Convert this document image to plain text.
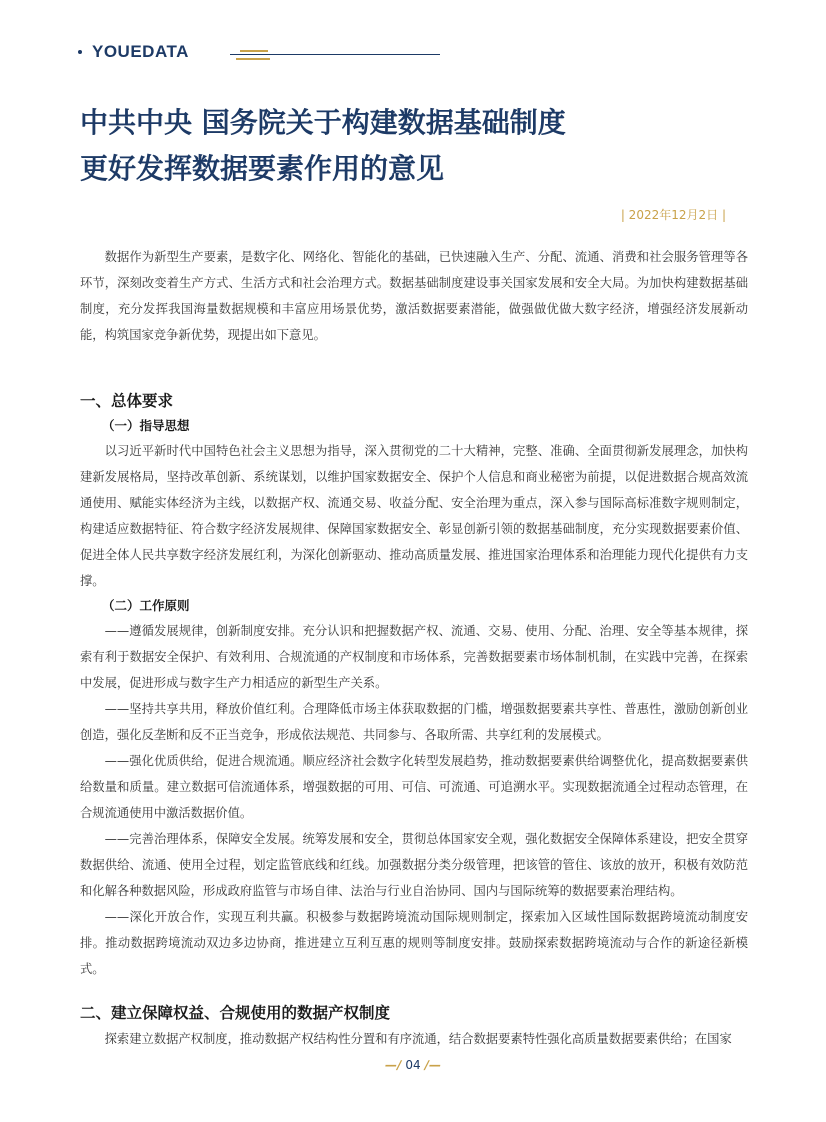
YOUEDATA
中共中央 国务院关于构建数据基础制度
更好发挥数据要素作用的意见
| 2022年12月2日 |

数据作为新型生产要素，是数字化、网络化、智能化的基础，已快速融入生产、分配、流通、消费和社会服务管理等各环节，深刻改变着生产方式、生活方式和社会治理方式。数据基础制度建设事关国家发展和安全大局。为加快构建数据基础制度，充分发挥我国海量数据规模和丰富应用场景优势，激活数据要素潜能，做强做优做大数字经济，增强经济发展新动能，构筑国家竞争新优势，现提出如下意见。

一、总体要求
（一）指导思想

以习近平新时代中国特色社会主义思想为指导，深入贯彻党的二十大精神，完整、准确、全面贯彻新发展理念，加快构建新发展格局，坚持改革创新、系统谋划，以维护国家数据安全、保护个人信息和商业秘密为前提，以促进数据合规高效流通使用、赋能实体经济为主线，以数据产权、流通交易、收益分配、安全治理为重点，深入参与国际高标准数字规则制定，构建适应数据特征、符合数字经济发展规律、保障国家数据安全、彰显创新引领的数据基础制度，充分实现数据要素价值、促进全体人民共享数字经济发展红利，为深化创新驱动、推动高质量发展、推进国家治理体系和治理能力现代化提供有力支撑。

（二）工作原则

——遵循发展规律，创新制度安排。充分认识和把握数据产权、流通、交易、使用、分配、治理、安全等基本规律，探索有利于数据安全保护、有效利用、合规流通的产权制度和市场体系，完善数据要素市场体制机制，在实践中完善，在探索中发展，促进形成与数字生产力相适应的新型生产关系。

——坚持共享共用，释放价值红利。合理降低市场主体获取数据的门槛，增强数据要素共享性、普惠性，激励创新创业创造，强化反垄断和反不正当竞争，形成依法规范、共同参与、各取所需、共享红利的发展模式。

——强化优质供给，促进合规流通。顺应经济社会数字化转型发展趋势，推动数据要素供给调整优化，提高数据要素供给数量和质量。建立数据可信流通体系，增强数据的可用、可信、可流通、可追溯水平。实现数据流通全过程动态管理，在合规流通使用中激活数据价值。

——完善治理体系，保障安全发展。统筹发展和安全，贯彻总体国家安全观，强化数据安全保障体系建设，把安全贯穿数据供给、流通、使用全过程，划定监管底线和红线。加强数据分类分级管理，把该管的管住、该放的放开，积极有效防范和化解各种数据风险，形成政府监管与市场自律、法治与行业自治协同、国内与国际统筹的数据要素治理结构。

——深化开放合作，实现互利共赢。积极参与数据跨境流动国际规则制定，探索加入区域性国际数据跨境流动制度安排。推动数据跨境流动双边多边协商，推进建立互利互惠的规则等制度安排。鼓励探索数据跨境流动与合作的新途径新模式。

二、建立保障权益、合规使用的数据产权制度

探索建立数据产权制度，推动数据产权结构性分置和有序流通，结合数据要素特性强化高质量数据要素供给；在国家

—∕ 04 ∕—
